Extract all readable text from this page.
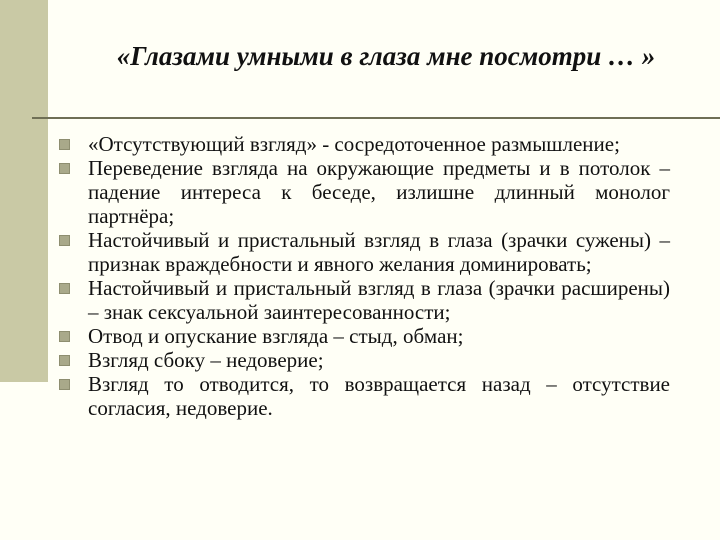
«Глазами умными в глаза мне посмотри … »
«Отсутствующий взгляд» - сосредоточенное размышление;
Переведение взгляда на окружающие предметы и в потолок – падение интереса к беседе, излишне длинный монолог партнёра;
Настойчивый и пристальный взгляд в глаза (зрачки сужены) – признак враждебности и явного желания доминировать;
Настойчивый и пристальный взгляд в глаза (зрачки расширены) – знак сексуальной заинтересованности;
Отвод и опускание взгляда – стыд, обман;
Взгляд сбоку – недоверие;
Взгляд то отводится, то возвращается назад – отсутствие согласия, недоверие.
